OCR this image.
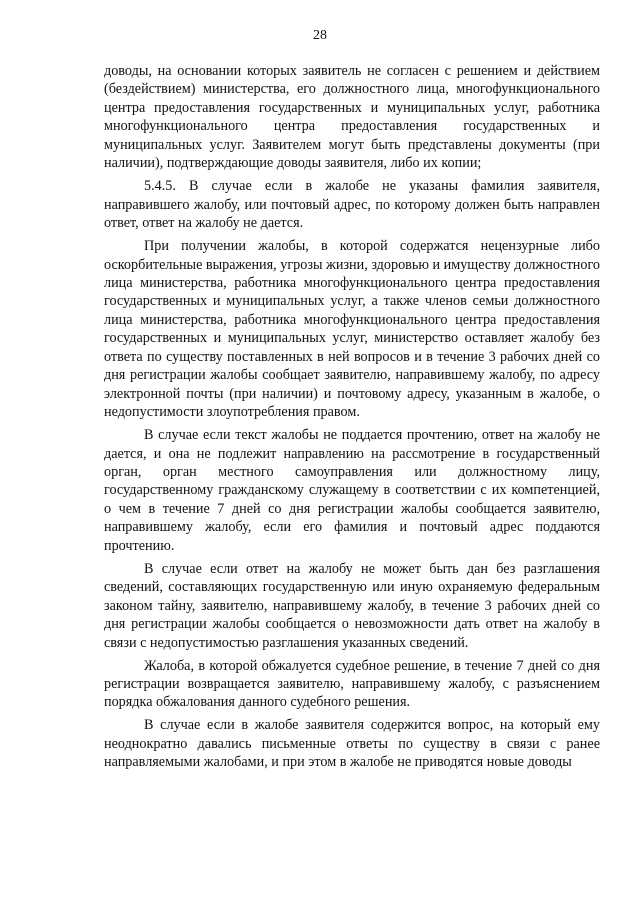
28

доводы, на основании которых заявитель не согласен с решением и действием (бездействием) министерства, его должностного лица, многофункционального центра предоставления государственных и муниципальных услуг, работника многофункционального центра предоставления государственных и муниципальных услуг. Заявителем могут быть представлены документы (при наличии), подтверждающие доводы заявителя, либо их копии;

5.4.5. В случае если в жалобе не указаны фамилия заявителя, направившего жалобу, или почтовый адрес, по которому должен быть направлен ответ, ответ на жалобу не дается.

При получении жалобы, в которой содержатся нецензурные либо оскорбительные выражения, угрозы жизни, здоровью и имуществу должностного лица министерства, работника многофункционального центра предоставления государственных и муниципальных услуг, а также членов семьи должностного лица министерства, работника многофункционального центра предоставления государственных и муниципальных услуг, министерство оставляет жалобу без ответа по существу поставленных в ней вопросов и в течение 3 рабочих дней со дня регистрации жалобы сообщает заявителю, направившему жалобу, по адресу электронной почты (при наличии) и почтовому адресу, указанным в жалобе, о недопустимости злоупотребления правом.

В случае если текст жалобы не поддается прочтению, ответ на жалобу не дается, и она не подлежит направлению на рассмотрение в государственный орган, орган местного самоуправления или должностному лицу, государственному гражданскому служащему в соответствии с их компетенцией, о чем в течение 7 дней со дня регистрации жалобы сообщается заявителю, направившему жалобу, если его фамилия и почтовый адрес поддаются прочтению.

В случае если ответ на жалобу не может быть дан без разглашения сведений, составляющих государственную или иную охраняемую федеральным законом тайну, заявителю, направившему жалобу, в течение 3 рабочих дней со дня регистрации жалобы сообщается о невозможности дать ответ на жалобу в связи с недопустимостью разглашения указанных сведений.

Жалоба, в которой обжалуется судебное решение, в течение 7 дней со дня регистрации возвращается заявителю, направившему жалобу, с разъяснением порядка обжалования данного судебного решения.

В случае если в жалобе заявителя содержится вопрос, на который ему неоднократно давались письменные ответы по существу в связи с ранее направляемыми жалобами, и при этом в жалобе не приводятся новые доводы
